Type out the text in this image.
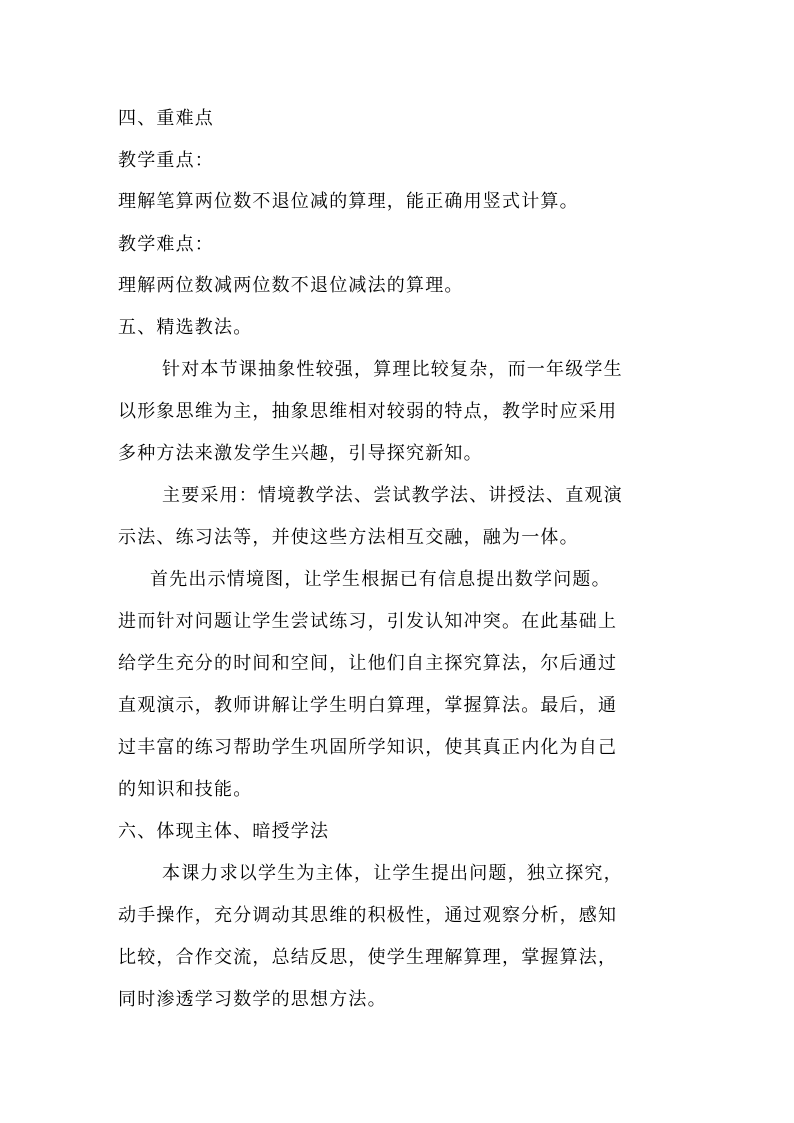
四、重难点
教学重点：
理解笔算两位数不退位减的算理，能正确用竖式计算。
教学难点：
理解两位数减两位数不退位减法的算理。
五、精选教法。
针对本节课抽象性较强，算理比较复杂，而一年级学生
以形象思维为主，抽象思维相对较弱的特点，教学时应采用
多种方法来激发学生兴趣，引导探究新知。
主要采用：情境教学法、尝试教学法、讲授法、直观演
示法、练习法等，并使这些方法相互交融，融为一体。
首先出示情境图，让学生根据已有信息提出数学问题。
进而针对问题让学生尝试练习，引发认知冲突。在此基础上
给学生充分的时间和空间，让他们自主探究算法，尔后通过
直观演示，教师讲解让学生明白算理，掌握算法。最后，通
过丰富的练习帮助学生巩固所学知识，使其真正内化为自己
的知识和技能。
六、体现主体、暗授学法
本课力求以学生为主体，让学生提出问题，独立探究，
动手操作，充分调动其思维的积极性，通过观察分析，感知
比较，合作交流，总结反思，使学生理解算理，掌握算法，
同时渗透学习数学的思想方法。
